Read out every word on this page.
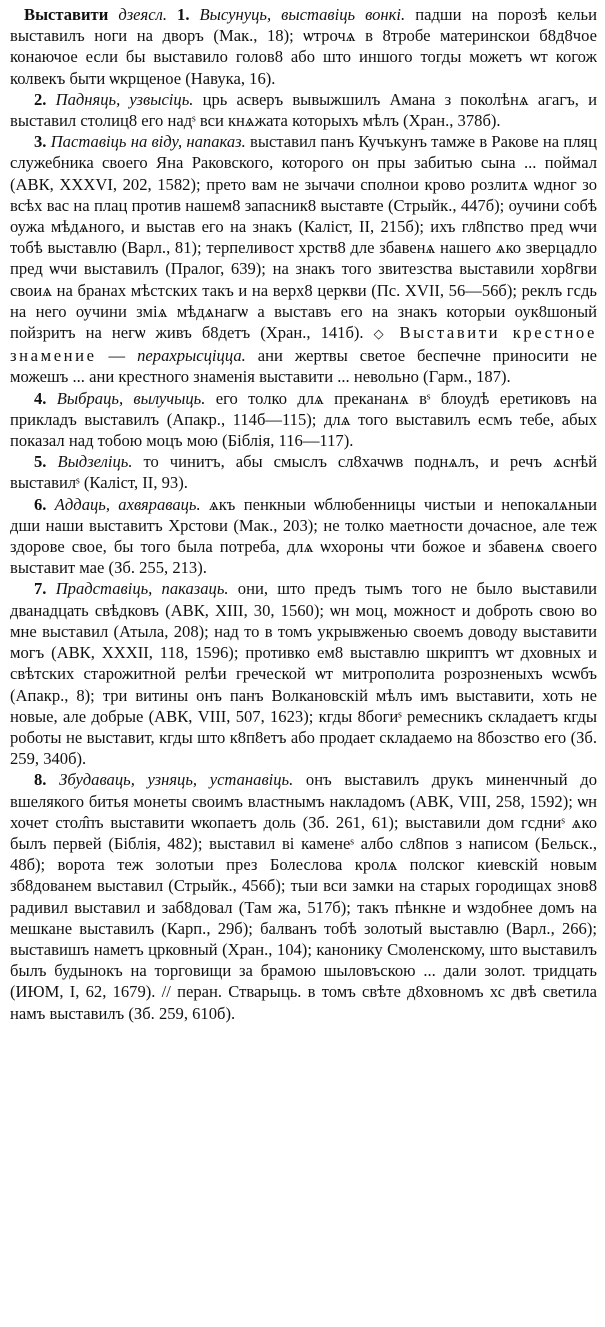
Выставити дзеясл. 1. Высунуць, выставіць вонкі. падши на порозѣ кельи выставилъ ноги на дворъ (Мак., 18); ѡтрочѧ в 8тробе материнскои б8д8чое конаючое если бы выставило голов8 або што иншого тогды можетъ ѡт когож колвекъ быти ѡкрщеное (Навука, 16).

2. Падняць, узвысіць. црь асверъ вывыжшилъ Амана з поколѣнѧ агагъ, и выставил столиц8 его надˢ вси кнѧжата которыхъ мѣлъ (Хран., 378б).

3. Паставіць на віду, напаказ. выставил панъ Кучъкунъ тамже в Ракове на пляц служебника своего Яна Раковского, которого он пры забитью сына ... поймал (АВК, XXXVI, 202, 1582); прето вам не зычачи сполнои крово розлитѧ ѡдног зо всѣх вас на плац против нашем8 запасник8 выставте (Стрыйк., 447б); оучини собѣ оужа мѣдѧного, и выстав его на знакъ (Каліст, II, 215б); ихъ гл8пство пред ѡчи тобѣ выставлю (Варл., 81); терпеливост хрств8 дле збавенѧ нашего ѧко зверцадло пред ѡчи выставилъ (Пралог, 639); на знакъ того звитезства выставили хор8гви своиѧ на бранах мѣстских такъ и на верх8 церкви (Пс. XVII, 56—56б); реклъ гсдь на него оучини зміѧ мѣдѧнагѡ а выставъ его на знакъ которыи оук8шоный пойзритъ на негѡ живъ б8детъ (Хран., 141б). ◇ Выставити крестное знамение — перахрысціцца. ани жертвы светое беспечне приносити не можешъ ... ани крестного знаменія выставити ... невольно (Гарм., 187).

4. Выбраць, вылучыць. его толко длѧ прекананѧ вˢ блоудѣ еретиковъ на прикладъ выставилъ (Апакр., 114б—115); длѧ того выставилъ есмъ тебе, абых показал над тобою моцъ мою (Біблія, 116—117).

5. Выдзеліць. то чинитъ, абы смыслъ сл8хачѡв поднѧлъ, и речъ ѧснѣй выставилˢ (Каліст, II, 93).

6. Аддаць, ахвяраваць. ѧкъ пенкныи ѡблюбенницы чистыи и непокалѧныи дши наши выставитъ Хрстови (Мак., 203); не толко маетности дочасное, але теж здорове свое, бы того была потреба, длѧ ѡхороны чти божое и збавенѧ своего выставит мае (Зб. 255, 213).

7. Прадставіць, паказаць. они, што предъ тымъ того не было выставили дванадцать свѣдковъ (АВК, XIII, 30, 1560); ѡн моц, можност и доброть свою во мне выставил (Атыла, 208); над то в томъ укрывженью своемъ доводу выставити могъ (АВК, XXXII, 118, 1596); противко ем8 выставлю шкриптъ ѡт дховных и свѣтских старожитной релѣи греческой ѡт митрополита розрозненыхъ ѡсѡбъ (Апакр., 8); три витины онъ панъ Волкановскій мѣлъ имъ выставити, хоть не новые, але добрые (АВК, VIII, 507, 1623); кгды 8богиˢ ремесникъ складаетъ кгды роботы не выставит, кгды што к8п8етъ або продает складаемо на 8бозство его (Зб. 259, 340б).

8. Збудаваць, узняць, устанавіць. онъ выставилъ друкъ миненчный до вшелякого битья монеты своимъ властнымъ накладомъ (АВК, VIII, 258, 1592); ѡн хочет стол̂пъ выставити ѡкопаетъ доль (Зб. 261, 61); выставили дом гсдниˢ ѧко былъ первей (Біблія, 482); выставил ві каменеˢ албо сл8пов з написом (Бельск., 48б); ворота теж золотыи през Болеслова кролѧ полског киевскій новым зб8дованем выставил (Стрыйк., 456б); тыи вси замки на старых городищах знов8 радивил выставил и заб8довал (Там жа, 517б); такъ пѣнкне и ѡздобнее домъ на мешкане выставилъ (Карп., 29б); балванъ тобѣ золотый выставлю (Варл., 266); выставишъ наметъ црковный (Хран., 104); канонику Смоленскому, што выставилъ былъ будынокъ на торговищи за брамою шыловъскою ... дали золот. тридцать (ИЮМ, I, 62, 1679). // перан. Стварыць. в томъ свѣте д8ховномъ хс двѣ светила намъ выставилъ (Зб. 259, 610б).
